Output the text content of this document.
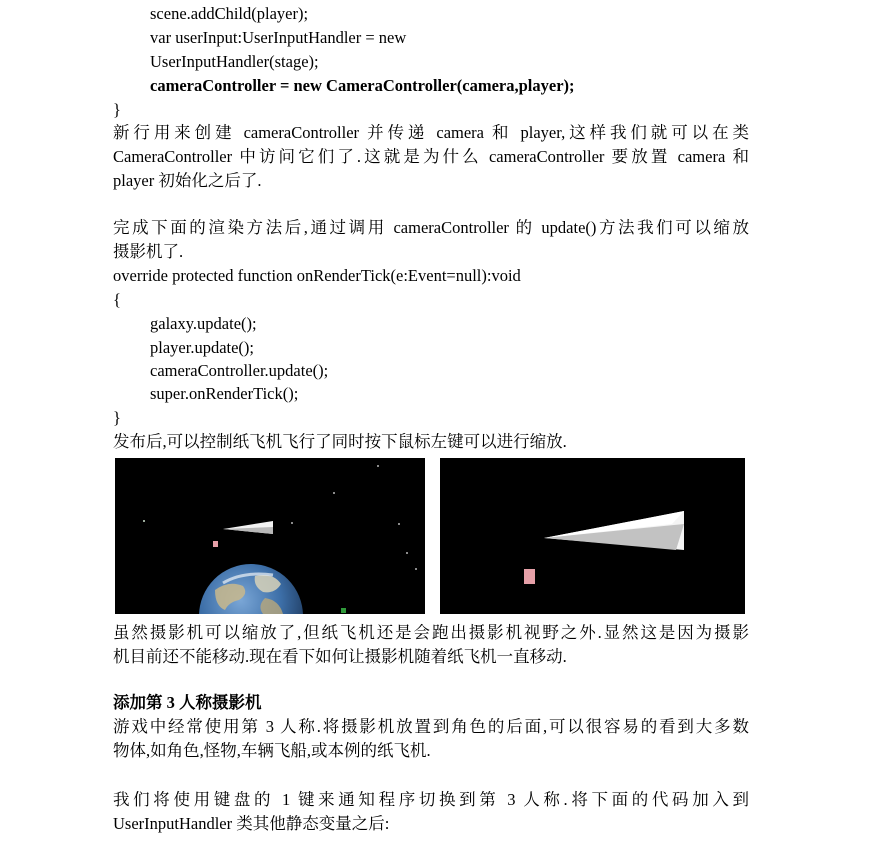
scene.addChild(player);
var userInput:UserInputHandler = new
UserInputHandler(stage);
cameraController = new CameraController(camera,player);
}
新行用来创建 cameraController 并传递 camera 和 player,这样我们就可以在类
CameraController 中访问它们了.这就是为什么 cameraController 要放置 camera 和
player 初始化之后了.
完成下面的渲染方法后,通过调用 cameraController 的 update()方法我们可以缩放
摄影机了.
override protected function onRenderTick(e:Event=null):void
{
galaxy.update();
player.update();
cameraController.update();
super.onRenderTick();
}
发布后,可以控制纸飞机飞行了同时按下鼠标左键可以进行缩放.
虽然摄影机可以缩放了,但纸飞机还是会跑出摄影机视野之外.显然这是因为摄影
机目前还不能移动.现在看下如何让摄影机随着纸飞机一直移动.
添加第 3 人称摄影机
游戏中经常使用第 3 人称.将摄影机放置到角色的后面,可以很容易的看到大多数
物体,如角色,怪物,车辆飞船,或本例的纸飞机.
我们将使用键盘的 1 键来通知程序切换到第 3 人称.将下面的代码加入到
UserInputHandler 类其他静态变量之后:
